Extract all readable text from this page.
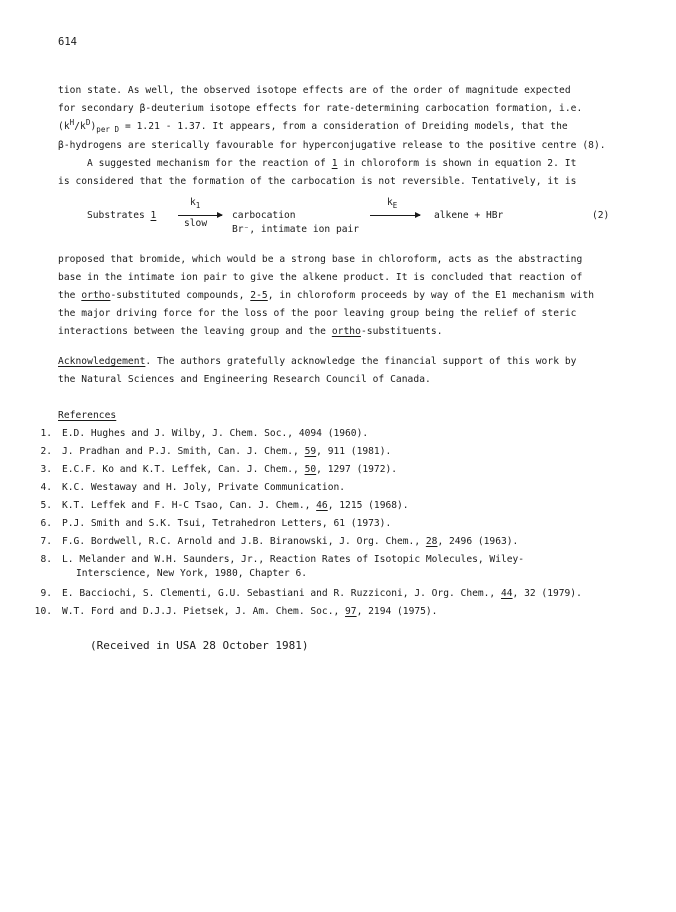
614
tion state. As well, the observed isotope effects are of the order of magnitude expected
for secondary β-deuterium isotope effects for rate-determining carbocation formation, i.e.
$(k^H/k^D)_{per D} = 1.21 - 1.37$. It appears, from a consideration of Dreiding models, that the
β-hydrogens are sterically favourable for hyperconjugative release to the positive centre (8).
A suggested mechanism for the reaction of 1 in chloroform is shown in equation 2. It
is considered that the formation of the carbocation is not reversible. Tentatively, it is
Substrates 1
$k_1$
slow
carbocation
Br⁻, intimate ion pair
$k_E$
alkene + HBr	(2)
proposed that bromide, which would be a strong base in chloroform, acts as the abstracting
base in the intimate ion pair to give the alkene product. It is concluded that reaction of
the ortho-substituted compounds, 2-5, in chloroform proceeds by way of the E1 mechanism with
the major driving force for the loss of the poor leaving group being the relief of steric
interactions between the leaving group and the ortho-substituents.
Acknowledgement. The authors gratefully acknowledge the financial support of this work by
the Natural Sciences and Engineering Research Council of Canada.
References
1. E.D. Hughes and J. Wilby, J. Chem. Soc., 4094 (1960).
2. J. Pradhan and P.J. Smith, Can. J. Chem., 59, 911 (1981).
3. E.C.F. Ko and K.T. Leffek, Can. J. Chem., 50, 1297 (1972).
4. K.C. Westaway and H. Joly, Private Communication.
5. K.T. Leffek and F. H-C Tsao, Can. J. Chem., 46, 1215 (1968).
6. P.J. Smith and S.K. Tsui, Tetrahedron Letters, 61 (1973).
7. F.G. Bordwell, R.C. Arnold and J.B. Biranowski, J. Org. Chem., 28, 2496 (1963).
8. L. Melander and W.H. Saunders, Jr., Reaction Rates of Isotopic Molecules, Wiley-
Interscience, New York, 1980, Chapter 6.
9. E. Bacciochi, S. Clementi, G.U. Sebastiani and R. Ruzziconi, J. Org. Chem., 44, 32 (1979).
10. W.T. Ford and D.J.J. Pietsek, J. Am. Chem. Soc., 97, 2194 (1975).
(Received in USA 28 October 1981)
